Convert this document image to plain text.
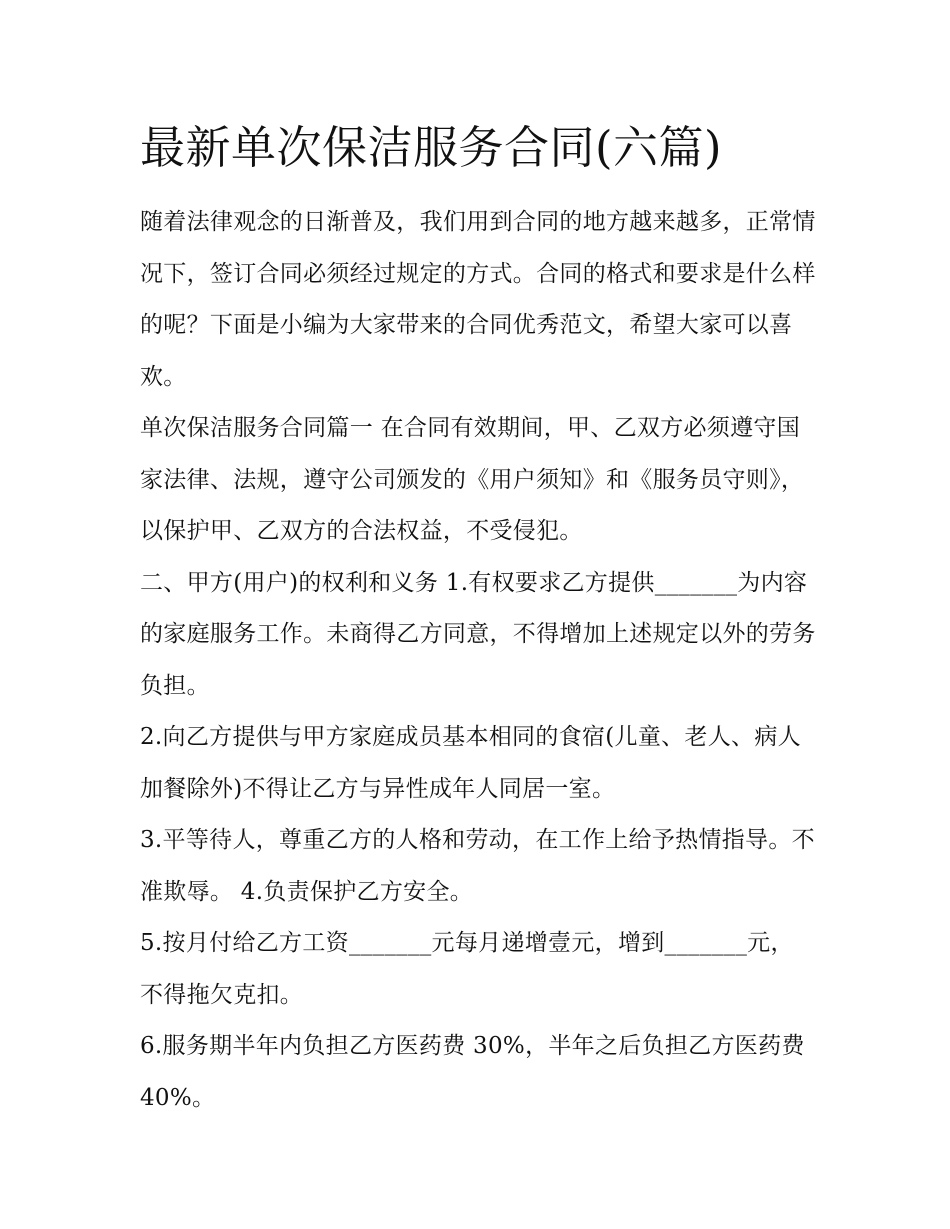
最新单次保洁服务合同(六篇)

随着法律观念的日渐普及，我们用到合同的地方越来越多，正常情况下，签订合同必须经过规定的方式。合同的格式和要求是什么样的呢？下面是小编为大家带来的合同优秀范文，希望大家可以喜欢。

单次保洁服务合同篇一 在合同有效期间，甲、乙双方必须遵守国家法律、法规，遵守公司颁发的《用户须知》和《服务员守则》，以保护甲、乙双方的合法权益，不受侵犯。

二、甲方(用户)的权利和义务 1.有权要求乙方提供_______为内容的家庭服务工作。未商得乙方同意，不得增加上述规定以外的劳务负担。

2.向乙方提供与甲方家庭成员基本相同的食宿(儿童、老人、病人加餐除外)不得让乙方与异性成年人同居一室。

3.平等待人，尊重乙方的人格和劳动，在工作上给予热情指导。不准欺辱。 4.负责保护乙方安全。

5.按月付给乙方工资_______元每月递增壹元，增到_______元，不得拖欠克扣。

6.服务期半年内负担乙方医药费 30%，半年之后负担乙方医药费 40%。
